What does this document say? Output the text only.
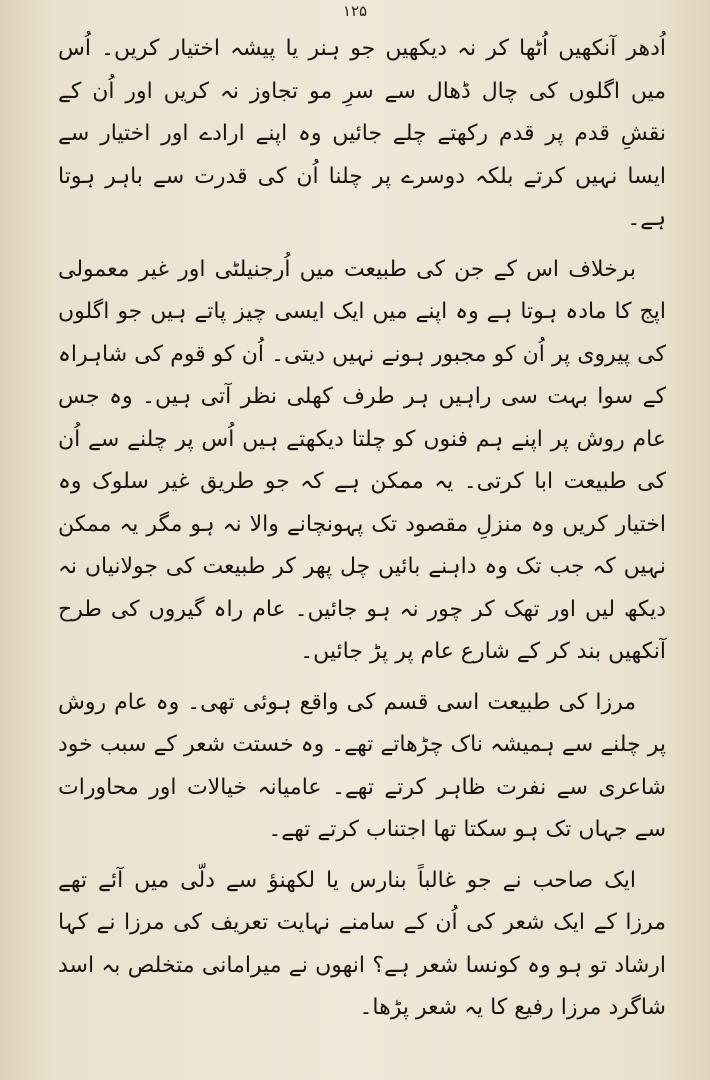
۱۲۵

اُدھر آنکھیں اُٹھا کر نہ دیکھیں جو ہنر یا پیشہ اختیار کریں۔ اُس میں اگلوں کی چال ڈھال سے سرِ مو تجاوز نہ کریں اور اُن کے نقشِ قدم پر قدم رکھتے چلے جائیں وہ اپنے ارادے اور اختیار سے ایسا نہیں کرتے بلکہ دوسرے پر چلنا اُن کی قدرت سے باہر ہوتا ہے۔

برخلاف اس کے جن کی طبیعت میں اُرجنیلٹی اور غیر معمولی اپج کا مادہ ہوتا ہے وہ اپنے میں ایک ایسی چیز پاتے ہیں جو اگلوں کی پیروی پر اُن کو مجبور ہونے نہیں دیتی۔ اُن کو قوم کی شاہراہ کے سوا بہت سی راہیں ہر طرف کھلی نظر آتی ہیں۔ وہ جس عام روش پر اپنے ہم فنوں کو چلتا دیکھتے ہیں اُس پر چلنے سے اُن کی طبیعت ابا کرتی۔ یہ ممکن ہے کہ جو طریق غیر سلوک وہ اختیار کریں وہ منزلِ مقصود تک پہونچانے والا نہ ہو مگر یہ ممکن نہیں کہ جب تک وہ داہنے بائیں چل پھر کر طبیعت کی جولانیاں نہ دیکھ لیں اور تھک کر چور نہ ہو جائیں۔ عام راہ گیروں کی طرح آنکھیں بند کر کے شارع عام پر پڑ جائیں۔

مرزا کی طبیعت اسی قسم کی واقع ہوئی تھی۔ وہ عام روش پر چلنے سے ہمیشہ ناک چڑھاتے تھے۔ وہ خستت شعر کے سبب خود شاعری سے نفرت ظاہر کرتے تھے۔ عامیانہ خیالات اور محاورات سے جہاں تک ہو سکتا تھا اجتناب کرتے تھے۔

ایک صاحب نے جو غالباً بنارس یا لکھنؤ سے دلّی میں آئے تھے مرزا کے ایک شعر کی اُن کے سامنے نہایت تعریف کی مرزا نے کہا ارشاد تو ہو وہ کونسا شعر ہے؟ انھوں نے میرامانی متخلص بہ اسد شاگرد مرزا رفیع کا یہ شعر پڑھا۔
